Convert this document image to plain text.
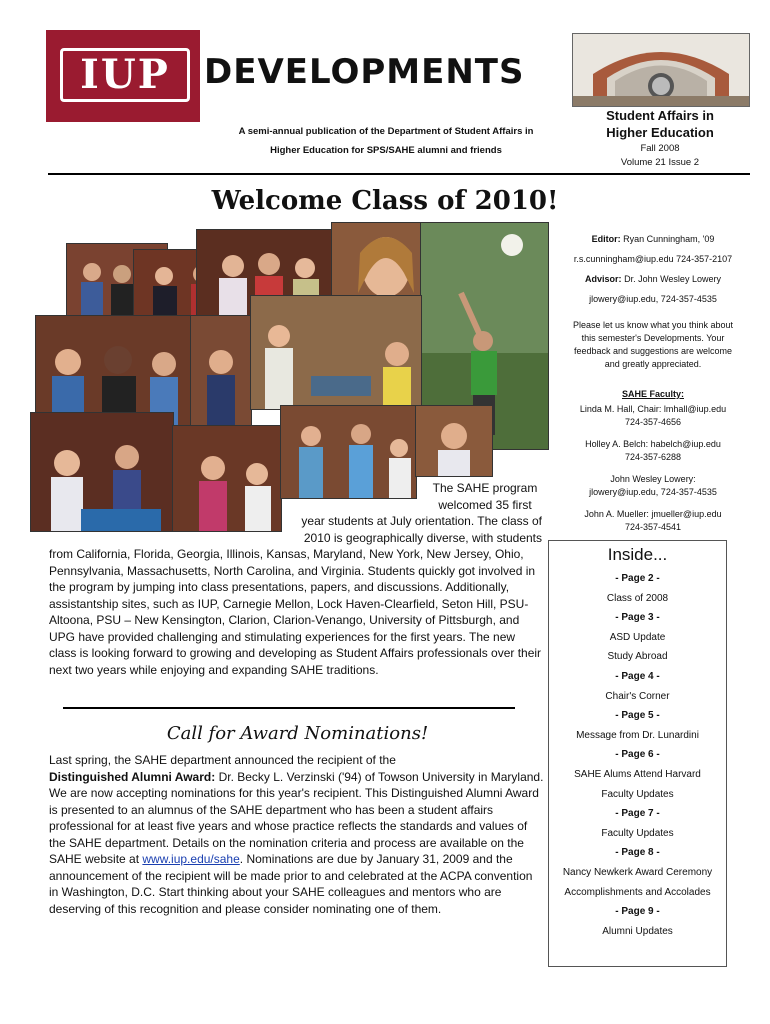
IUP	DEVELOPMENTS
A semi-annual publication of the Department of Student Affairs in
Higher Education for SPS/SAHE alumni and friends
Student Affairs in
Higher Education
Fall 2008
Volume 21 Issue 2
Welcome Class of 2010!
The SAHE program
welcomed 35 first
year students at July orientation. The class of
2010 is geographically diverse, with students
from California, Florida, Georgia, Illinois, Kansas, Maryland, New York, New Jersey, Ohio, Pennsylvania, Massachusetts, North Carolina, and Virginia. Students quickly got involved in the program by jumping into class presentations, papers, and discussions. Additionally, assistantship sites, such as IUP, Carnegie Mellon, Lock Haven-Clearfield, Seton Hill, PSU-Altoona, PSU – New Kensington, Clarion, Clarion-Venango, University of Pittsburgh, and UPG have provided challenging and stimulating experiences for the first years. The new class is looking forward to growing and developing as Student Affairs professionals over their next two years while enjoying and expanding SAHE traditions.
Call for Award Nominations!
Last spring, the SAHE department announced the recipient of the
Distinguished Alumni Award: Dr. Becky L. Verzinski ('94) of Towson University in Maryland. We are now accepting nominations for this year's recipient. This Distinguished Alumni Award is presented to an alumnus of the SAHE department who has been a student affairs professional for at least five years and whose practice reflects the standards and values of the SAHE department. Details on the nomination criteria and process are available on the SAHE website at www.iup.edu/sahe. Nominations are due by January 31, 2009 and the announcement of the recipient will be made prior to and celebrated at the ACPA convention in Washington, D.C. Start thinking about your SAHE colleagues and mentors who are deserving of this recognition and please consider nominating one of them.
Editor: Ryan Cunningham, '09
r.s.cunningham@iup.edu 724-357-2107
Advisor: Dr. John Wesley Lowery
jlowery@iup.edu, 724-357-4535
Please let us know what you think about this semester's Developments. Your feedback and suggestions are welcome and greatly appreciated.
SAHE Faculty:
Linda M. Hall, Chair: lmhall@iup.edu
724-357-4656
Holley A. Belch: habelch@iup.edu
724-357-6288
John Wesley Lowery:
jlowery@iup.edu, 724-357-4535
John A. Mueller: jmueller@iup.edu
724-357-4541
Inside...
- Page 2 -
Class of 2008
- Page 3 -
ASD Update
Study Abroad
- Page 4 -
Chair's Corner
- Page 5 -
Message from Dr. Lunardini
- Page 6 -
SAHE Alums Attend Harvard
Faculty Updates
- Page 7 -
Faculty Updates
- Page 8 -
Nancy Newkerk Award Ceremony
Accomplishments and Accolades
- Page 9 -
Alumni Updates
